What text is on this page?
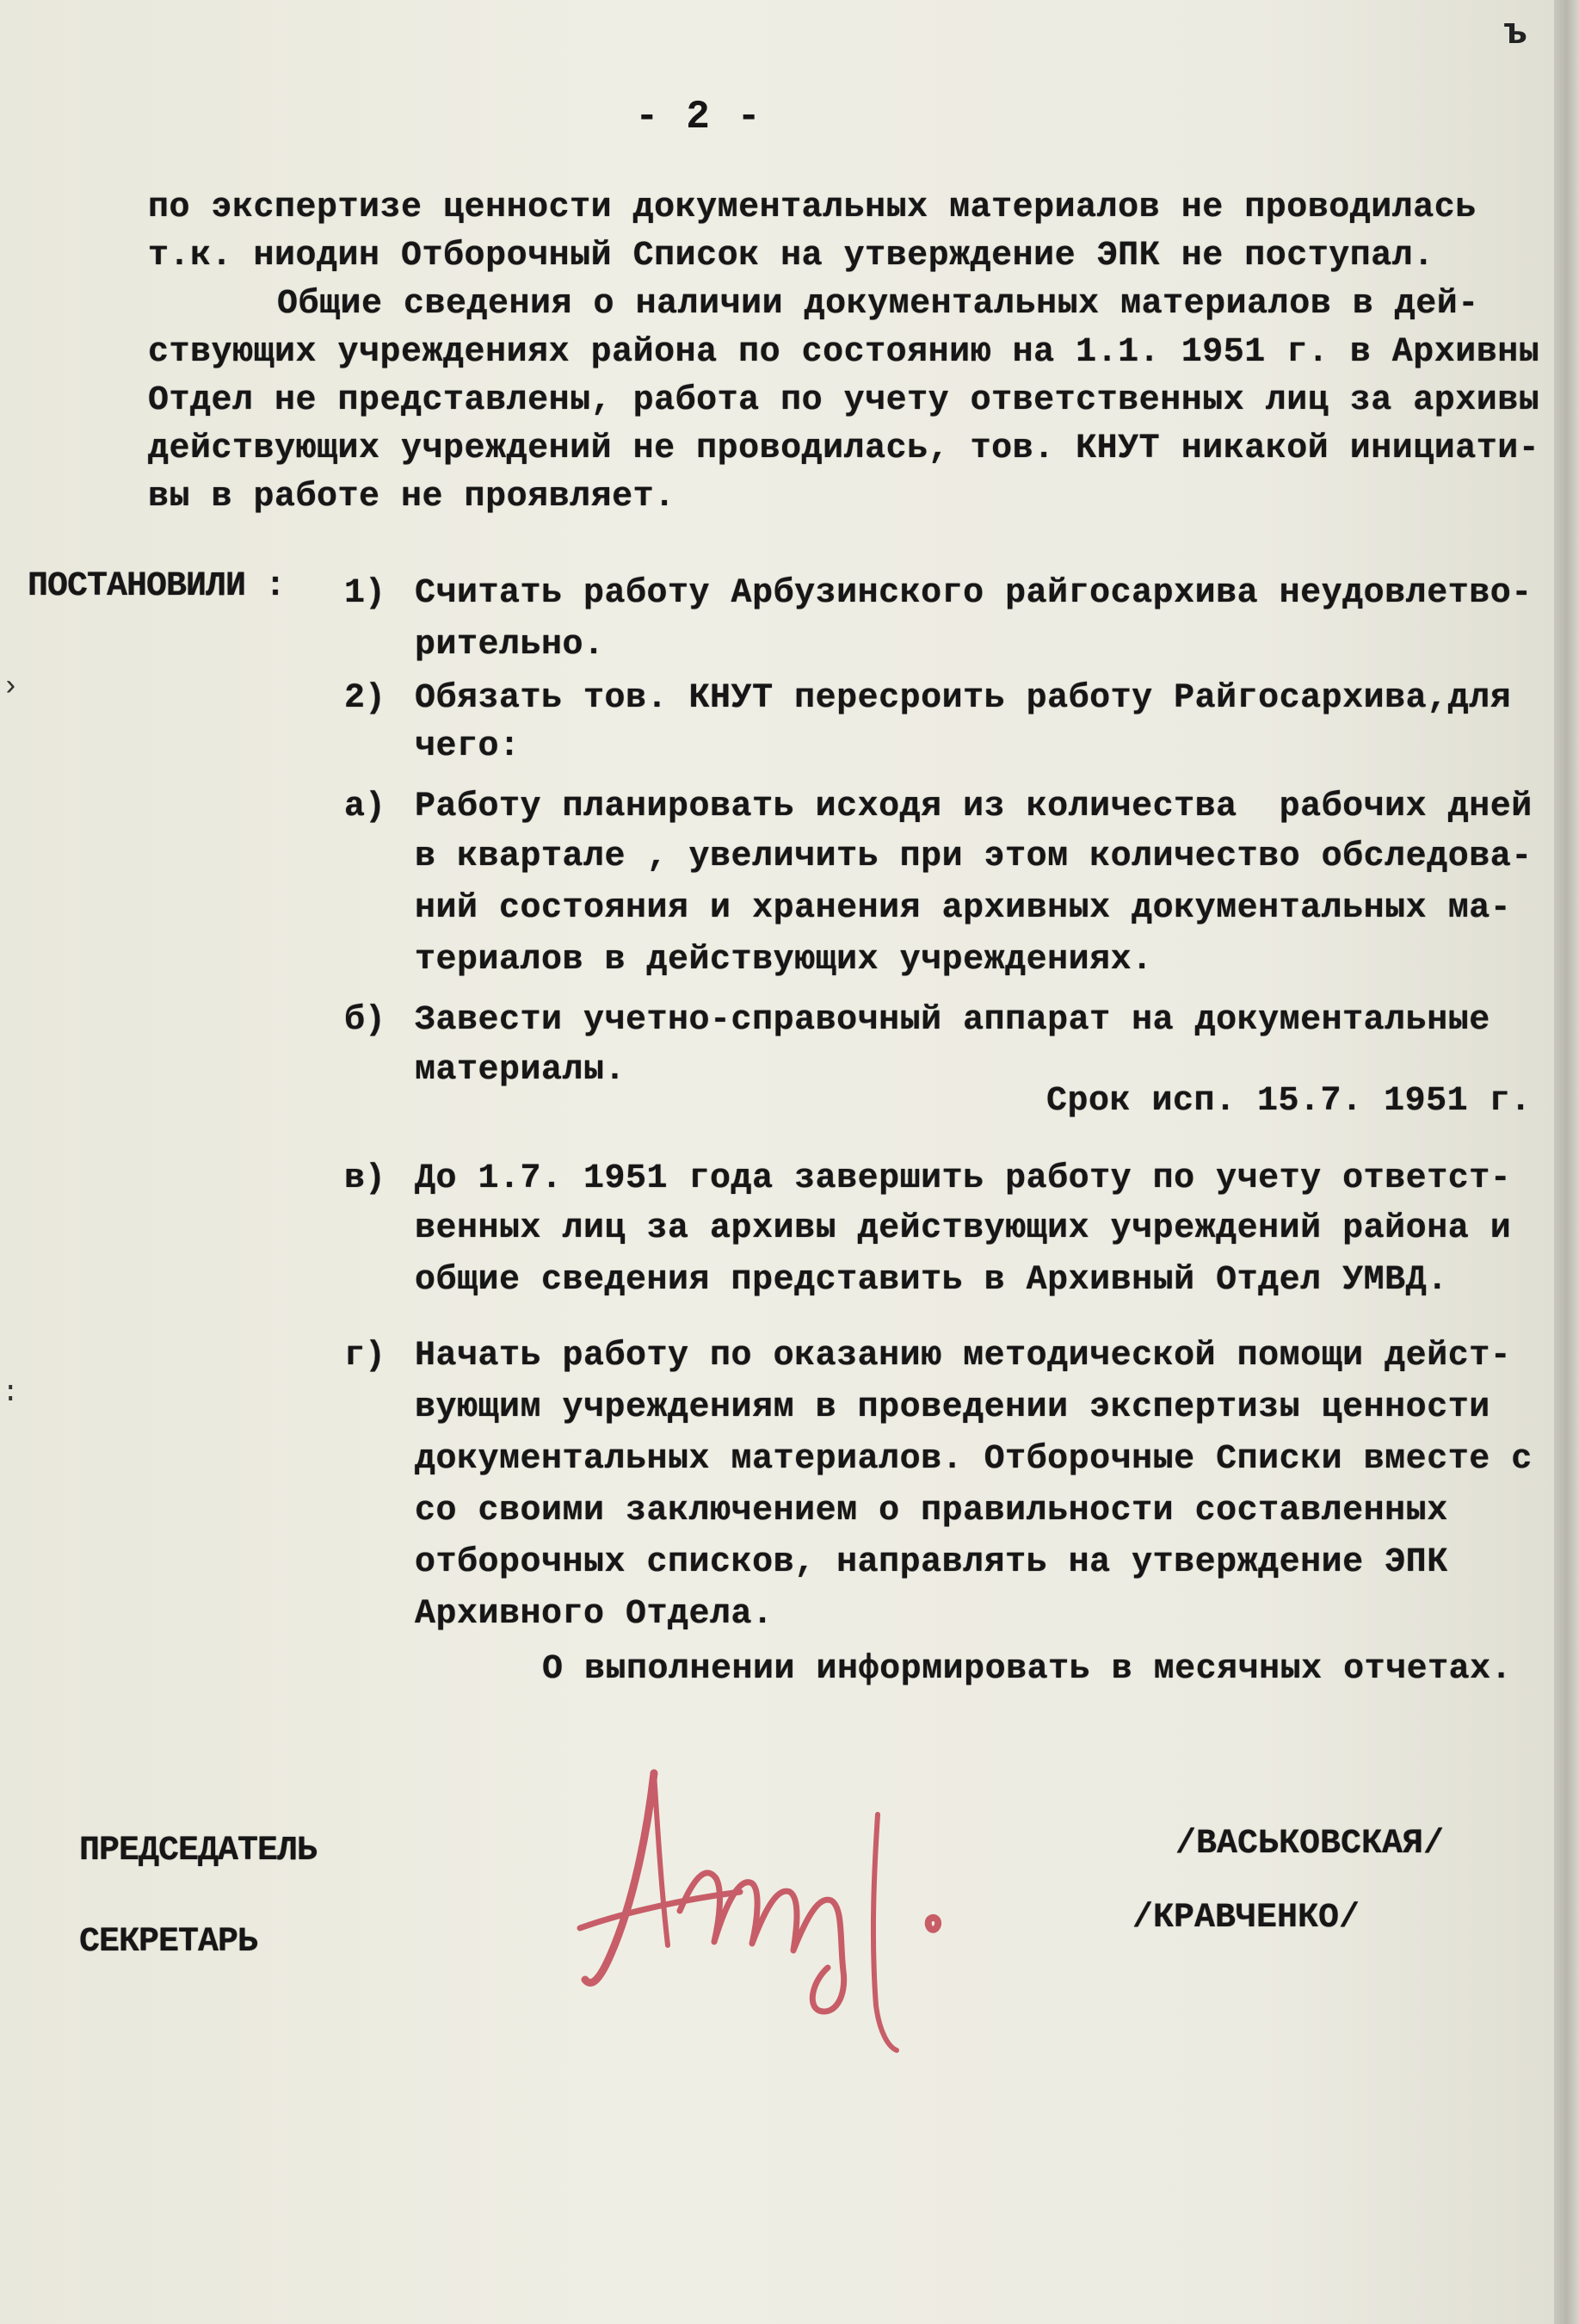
ъ
- 2 -
по экспертизе ценности документальных материалов не проводилась
т.к. ниодин Отборочный Список на утверждение ЭПК не поступал.
Общие сведения о наличии документальных материалов в дей-
ствующих учреждениях района по состоянию на 1.1. 1951 г. в Архивны
Отдел не представлены, работа по учету ответственных лиц за архивы
действующих учреждений не проводилась, тов. КНУТ никакой инициати-
вы в работе не проявляет.
ПОСТАНОВИЛИ :
›
:
1) Считать работу Арбузинского райгосархива неудовлетво-
рительно.
2) Обязать тов. КНУТ пересроить работу Райгосархива,для
чего:
а) Работу планировать исходя из количества  рабочих дней
в квартале , увеличить при этом количество обследова-
ний состояния и хранения архивных документальных ма-
териалов в действующих учреждениях.
б) Завести учетно-справочный аппарат на документальные
материалы.
Срок исп. 15.7. 1951 г.
в) До 1.7. 1951 года завершить работу по учету ответст-
венных лиц за архивы действующих учреждений района и
общие сведения представить в Архивный Отдел УМВД.
г) Начать работу по оказанию методической помощи дейст-
вующим учреждениям в проведении экспертизы ценности
документальных материалов. Отборочные Списки вместе с
со своими заключением о правильности составленных
отборочных списков, направлять на утверждение ЭПК
Архивного Отдела.
О выполнении информировать в месячных отчетах.
ПРЕДСЕДАТЕЛЬ
СЕКРЕТАРЬ
/ВАСЬКОВСКАЯ/
/КРАВЧЕНКО/
